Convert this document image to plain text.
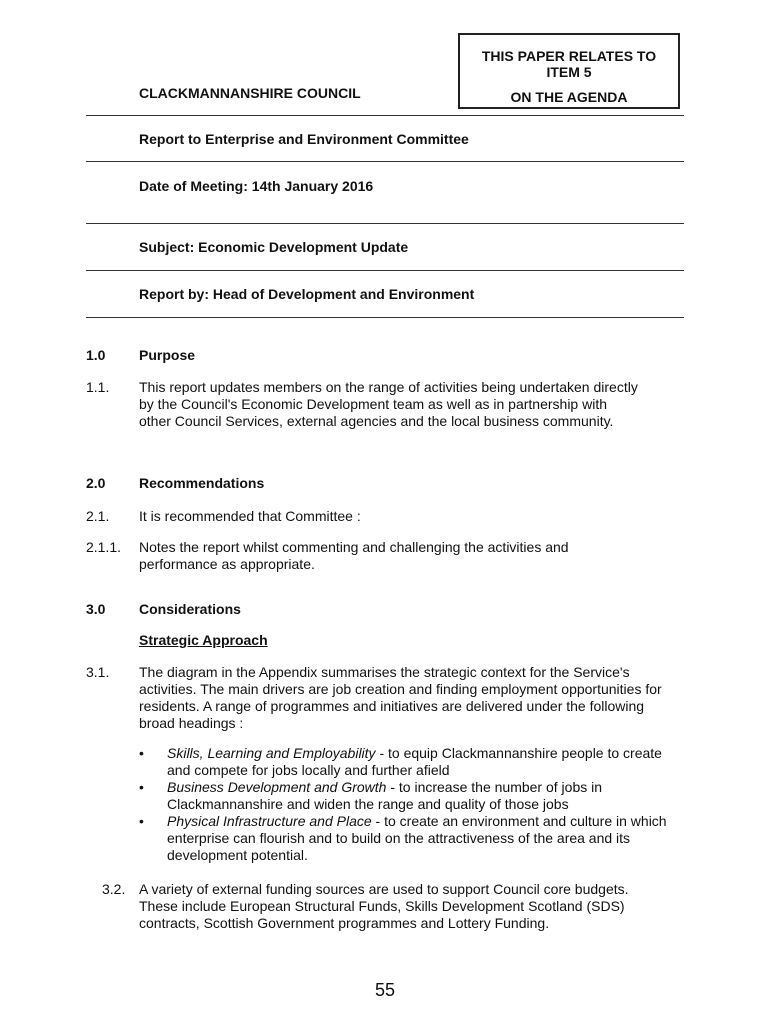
THIS PAPER RELATES TO
ITEM 5
ON THE AGENDA
CLACKMANNANSHIRE COUNCIL
Report to Enterprise and Environment Committee
Date of Meeting: 14th January 2016
Subject: Economic Development Update
Report by: Head of Development and Environment
1.0 Purpose
1.1. This report updates members on the range of activities being undertaken directly by the Council's Economic Development team as well as in partnership with other Council Services, external agencies and the local business community.
2.0 Recommendations
2.1. It is recommended that Committee :
2.1.1. Notes the report whilst commenting and challenging the activities and performance as appropriate.
3.0 Considerations
Strategic Approach
3.1. The diagram in the Appendix summarises the strategic context for the Service's activities. The main drivers are job creation and finding employment opportunities for residents. A range of programmes and initiatives are delivered under the following broad headings :
• Skills, Learning and Employability - to equip Clackmannanshire people to create and compete for jobs locally and further afield
• Business Development and Growth - to increase the number of jobs in Clackmannanshire and widen the range and quality of those jobs
• Physical Infrastructure and Place - to create an environment and culture in which enterprise can flourish and to build on the attractiveness of the area and its development potential.
3.2. A variety of external funding sources are used to support Council core budgets. These include European Structural Funds, Skills Development Scotland (SDS) contracts, Scottish Government programmes and Lottery Funding.
55
